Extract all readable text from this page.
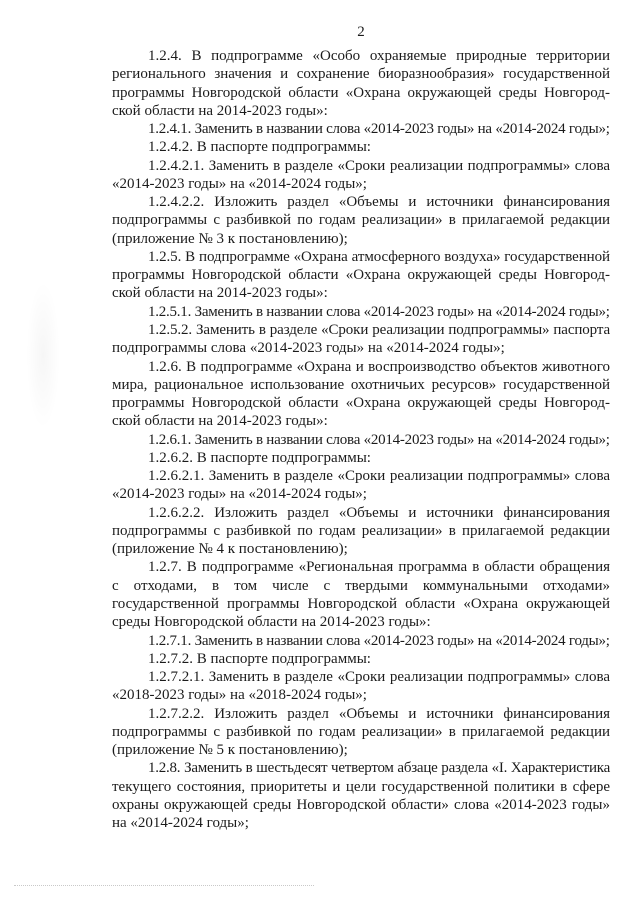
2
1.2.4. В подпрограмме «Особо охраняемые природные территории
регионального значения и сохранение биоразнообразия» государственной
программы Новгородской области «Охрана окружающей среды Новгород-
ской области на 2014-2023 годы»:
1.2.4.1. Заменить в названии слова «2014-2023 годы» на «2014-2024 годы»;
1.2.4.2. В паспорте подпрограммы:
1.2.4.2.1. Заменить в разделе «Сроки реализации подпрограммы» слова
«2014-2023 годы» на «2014-2024 годы»;
1.2.4.2.2. Изложить раздел «Объемы и источники финансирования
подпрограммы с разбивкой по годам реализации» в прилагаемой редакции
(приложение № 3 к постановлению);
1.2.5. В подпрограмме «Охрана атмосферного воздуха» государственной
программы Новгородской области «Охрана окружающей среды Новгород-
ской области на 2014-2023 годы»:
1.2.5.1. Заменить в названии слова «2014-2023 годы» на «2014-2024 годы»;
1.2.5.2. Заменить в разделе «Сроки реализации подпрограммы» паспорта
подпрограммы слова «2014-2023 годы» на «2014-2024 годы»;
1.2.6. В подпрограмме «Охрана и воспроизводство объектов животного
мира, рациональное использование охотничьих ресурсов» государственной
программы Новгородской области «Охрана окружающей среды Новгород-
ской области на 2014-2023 годы»:
1.2.6.1. Заменить в названии слова «2014-2023 годы» на «2014-2024 годы»;
1.2.6.2. В паспорте подпрограммы:
1.2.6.2.1. Заменить в разделе «Сроки реализации подпрограммы» слова
«2014-2023 годы» на «2014-2024 годы»;
1.2.6.2.2. Изложить раздел «Объемы и источники финансирования
подпрограммы с разбивкой по годам реализации» в прилагаемой редакции
(приложение № 4 к постановлению);
1.2.7. В подпрограмме «Региональная программа в области обращения
с отходами, в том числе с твердыми коммунальными отходами»
государственной программы Новгородской области «Охрана окружающей
среды Новгородской области на 2014-2023 годы»:
1.2.7.1. Заменить в названии слова «2014-2023 годы» на «2014-2024 годы»;
1.2.7.2. В паспорте подпрограммы:
1.2.7.2.1. Заменить в разделе «Сроки реализации подпрограммы» слова
«2018-2023 годы» на «2018-2024 годы»;
1.2.7.2.2. Изложить раздел «Объемы и источники финансирования
подпрограммы с разбивкой по годам реализации» в прилагаемой редакции
(приложение № 5 к постановлению);
1.2.8. Заменить в шестьдесят четвертом абзаце раздела «I. Характеристика
текущего состояния, приоритеты и цели государственной политики в сфере
охраны окружающей среды Новгородской области» слова «2014-2023 годы»
на «2014-2024 годы»;
